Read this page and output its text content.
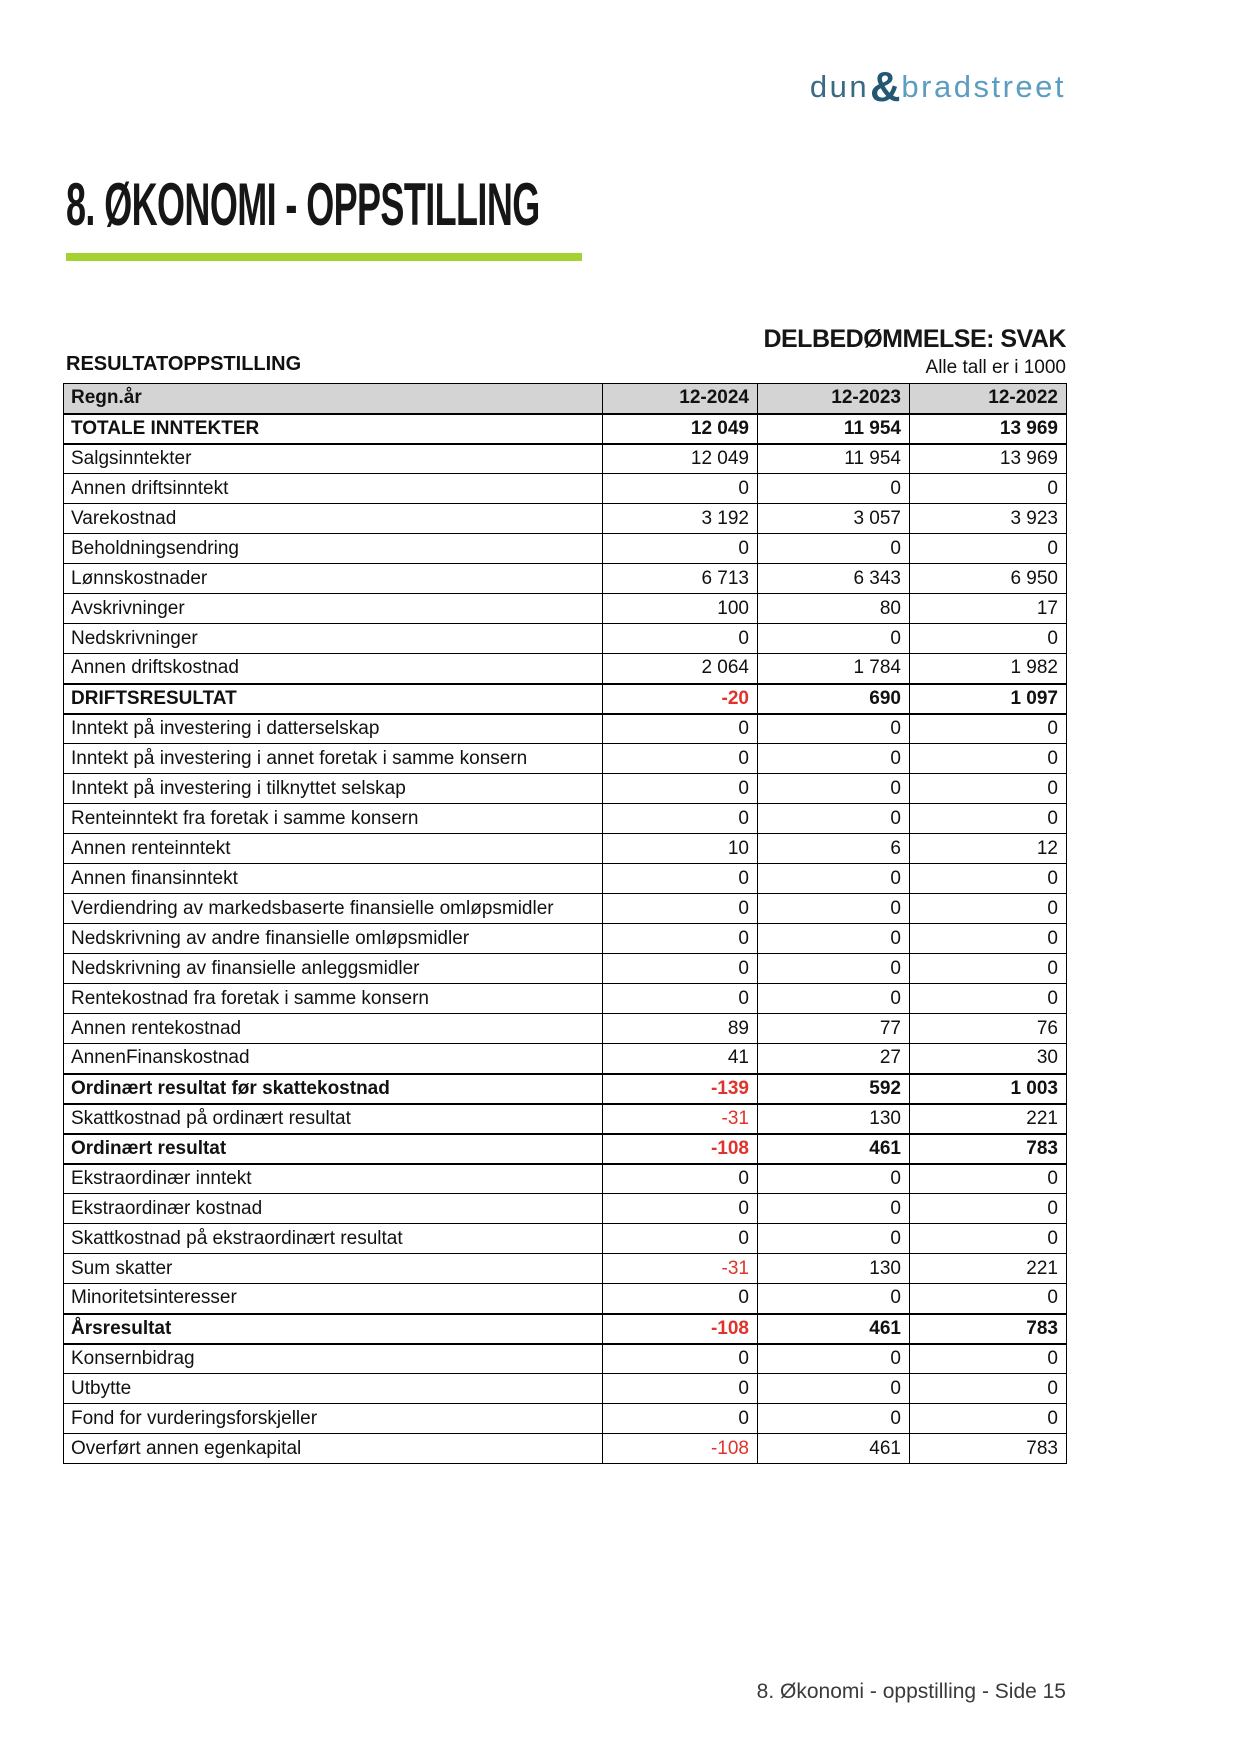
dun&bradstreet
8. ØKONOMI - OPPSTILLING
DELBEDØMMELSE: SVAK
RESULTATOPPSTILLING	Alle tall er i 1000
Regn.år	12-2024	12-2023	12-2022
TOTALE INNTEKTER	12 049	11 954	13 969
Salgsinntekter	12 049	11 954	13 969
Annen driftsinntekt	0	0	0
Varekostnad	3 192	3 057	3 923
Beholdningsendring	0	0	0
Lønnskostnader	6 713	6 343	6 950
Avskrivninger	100	80	17
Nedskrivninger	0	0	0
Annen driftskostnad	2 064	1 784	1 982
DRIFTSRESULTAT	-20	690	1 097
Inntekt på investering i datterselskap	0	0	0
Inntekt på investering i annet foretak i samme konsern	0	0	0
Inntekt på investering i tilknyttet selskap	0	0	0
Renteinntekt fra foretak i samme konsern	0	0	0
Annen renteinntekt	10	6	12
Annen finansinntekt	0	0	0
Verdiendring av markedsbaserte finansielle omløpsmidler	0	0	0
Nedskrivning av andre finansielle omløpsmidler	0	0	0
Nedskrivning av finansielle anleggsmidler	0	0	0
Rentekostnad fra foretak i samme konsern	0	0	0
Annen rentekostnad	89	77	76
AnnenFinanskostnad	41	27	30
Ordinært resultat før skattekostnad	-139	592	1 003
Skattkostnad på ordinært resultat	-31	130	221
Ordinært resultat	-108	461	783
Ekstraordinær inntekt	0	0	0
Ekstraordinær kostnad	0	0	0
Skattkostnad på ekstraordinært resultat	0	0	0
Sum skatter	-31	130	221
Minoritetsinteresser	0	0	0
Årsresultat	-108	461	783
Konsernbidrag	0	0	0
Utbytte	0	0	0
Fond for vurderingsforskjeller	0	0	0
Overført annen egenkapital	-108	461	783
8. Økonomi - oppstilling - Side 15
